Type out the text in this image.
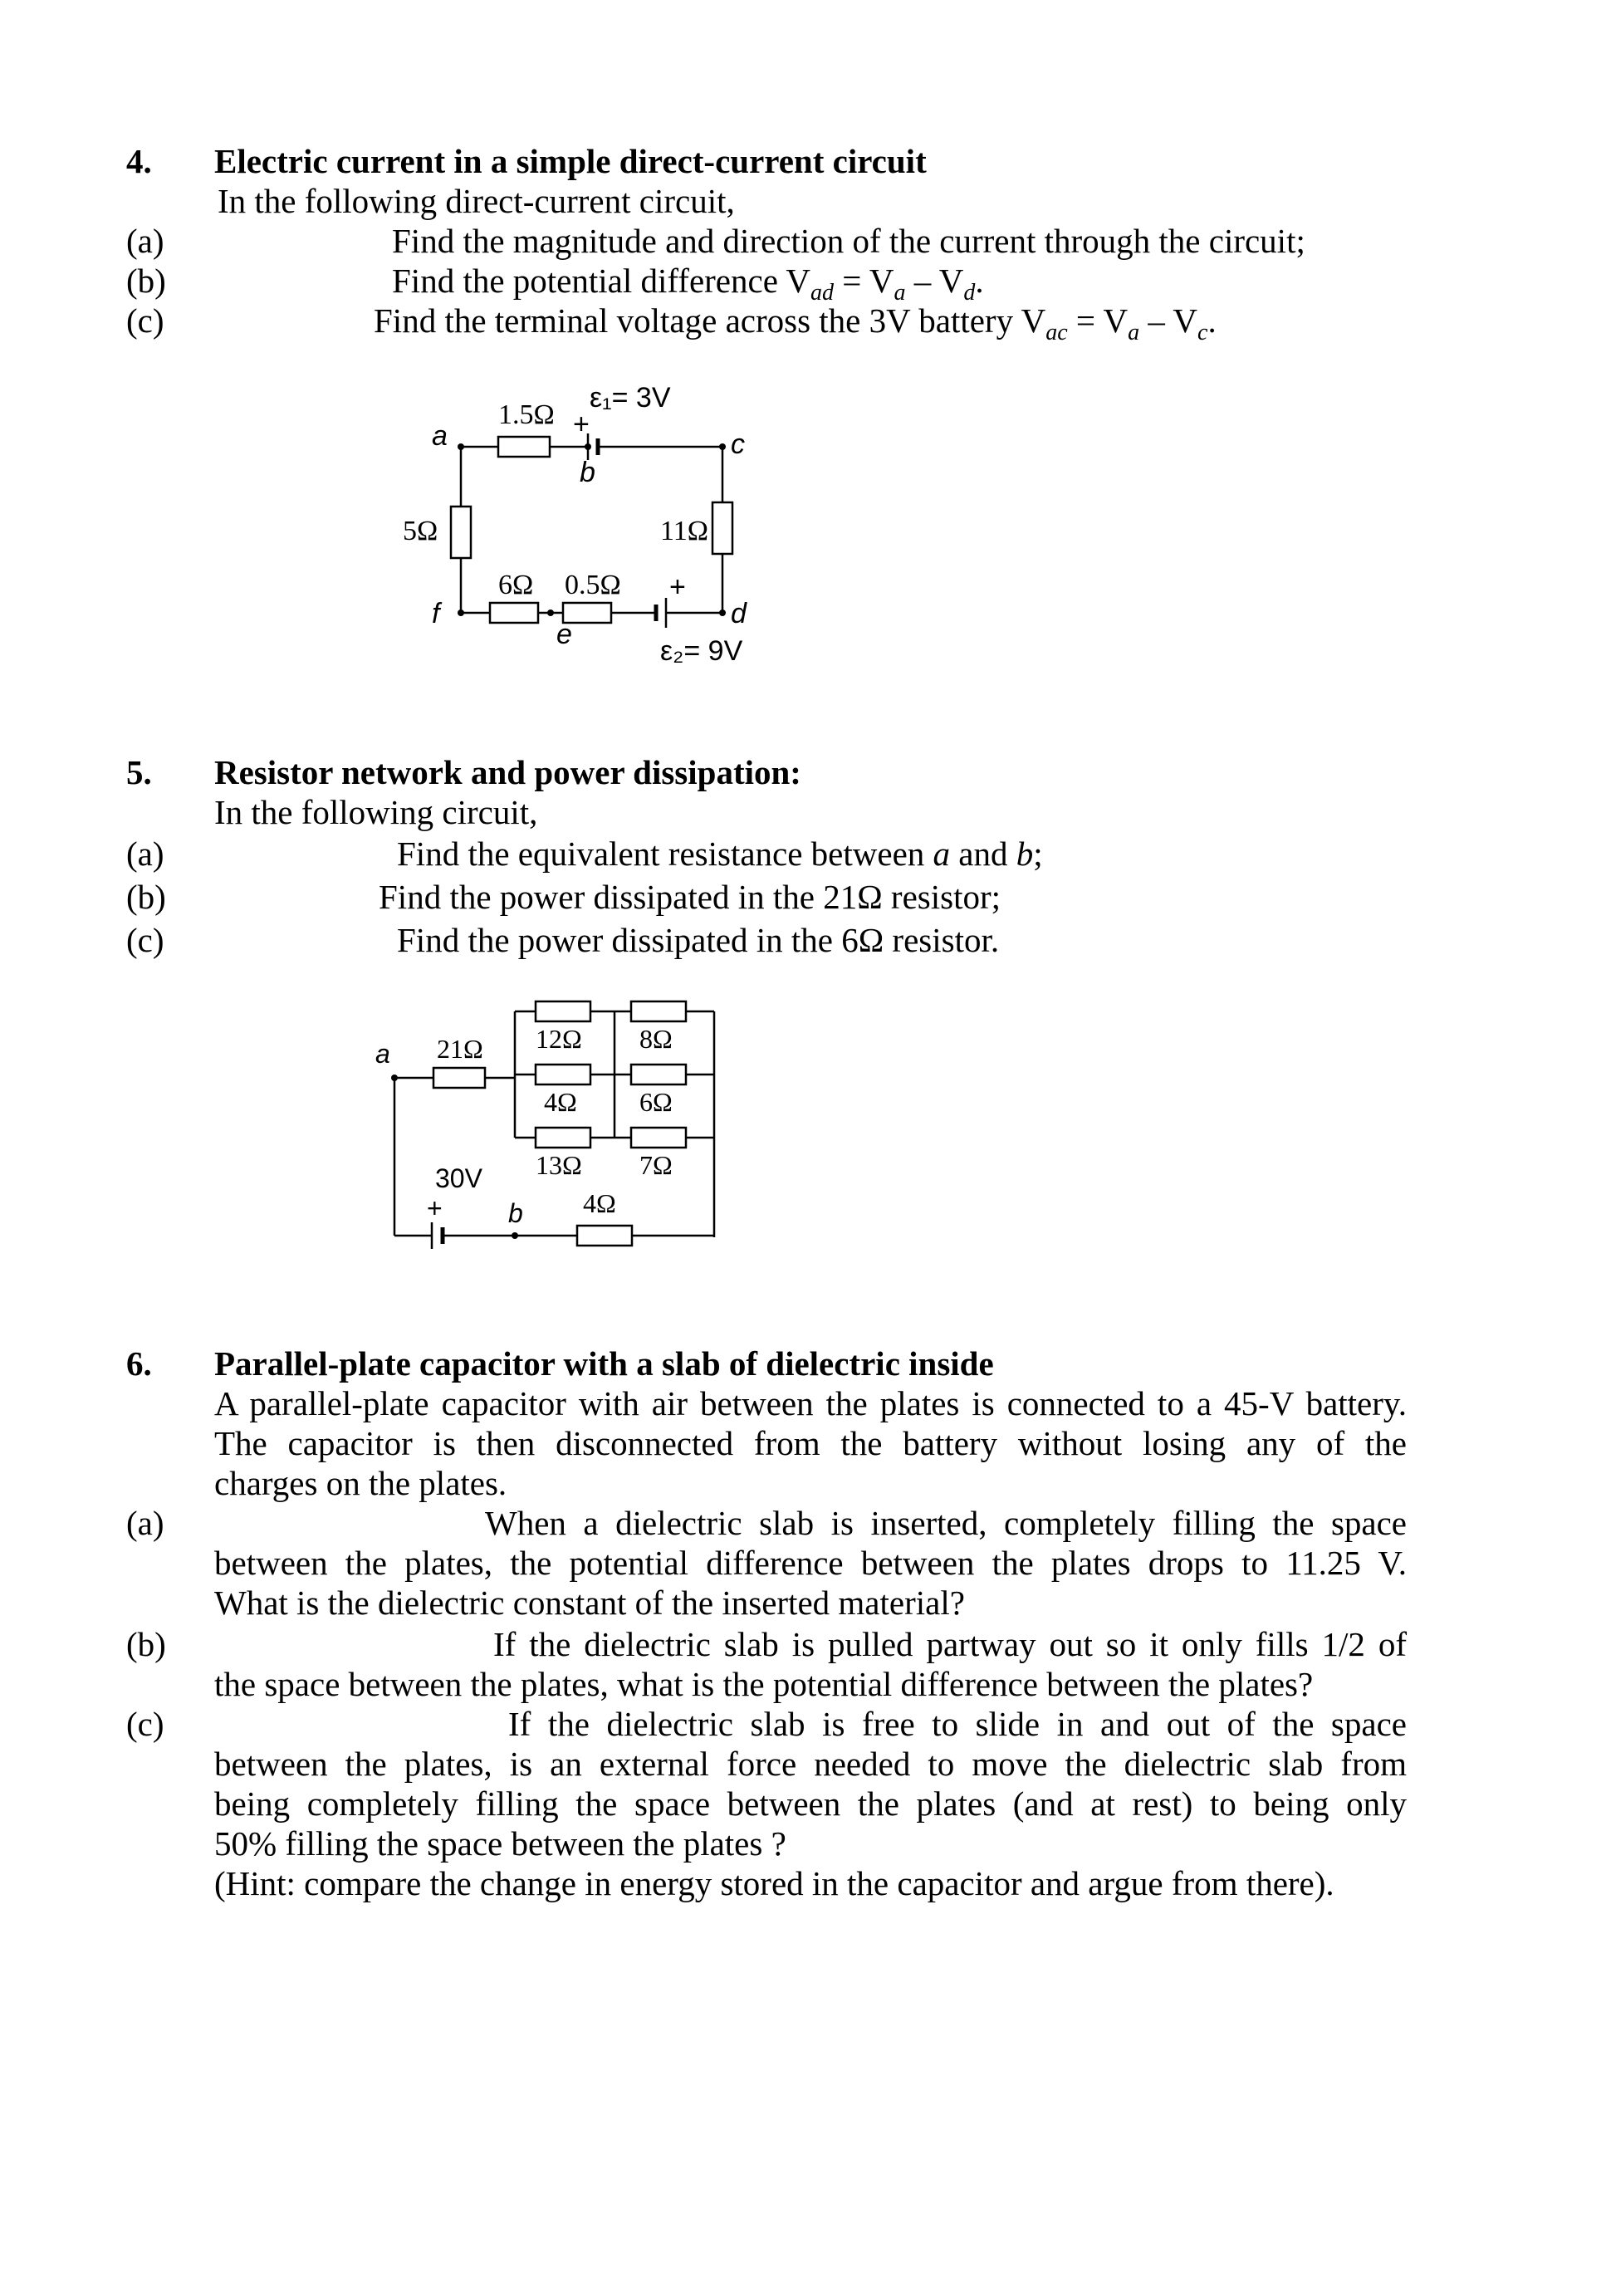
4. Electric current in a simple direct-current circuit
In the following direct-current circuit,
(a)	Find the magnitude and direction of the current through the circuit;
(b)	Find the potential difference $V_{ad} = V_a - V_d$.
(c)	Find the terminal voltage across the 3V battery $V_{ac} = V_a - V_c$.
1.5Ω
ε₁= 3V
+
a
b
c
5Ω	11Ω
6Ω 0.5Ω +
f
e
d
ε₂= 9V
5. Resistor network and power dissipation:
In the following circuit,
(a)	Find the equivalent resistance between a and b;
(b)	Find the power dissipated in the 21Ω resistor;
(c)	Find the power dissipated in the 6Ω resistor.
a
b
21Ω 12Ω 8Ω
4Ω 6Ω
13Ω 7Ω
4Ω
30V
+
6. Parallel-plate capacitor with a slab of dielectric inside
A parallel-plate capacitor with air between the plates is connected to a 45-V battery.
The capacitor is then disconnected from the battery without losing any of the
charges on the plates.
(a)	When a dielectric slab is inserted, completely filling the space
between the plates, the potential difference between the plates drops to 11.25 V.
What is the dielectric constant of the inserted material?
(b)	If the dielectric slab is pulled partway out so it only fills 1/2 of
the space between the plates, what is the potential difference between the plates?
(c)	If the dielectric slab is free to slide in and out of the space
between the plates, is an external force needed to move the dielectric slab from
being completely filling the space between the plates (and at rest) to being only
50% filling the space between the plates ?
(Hint: compare the change in energy stored in the capacitor and argue from there).
